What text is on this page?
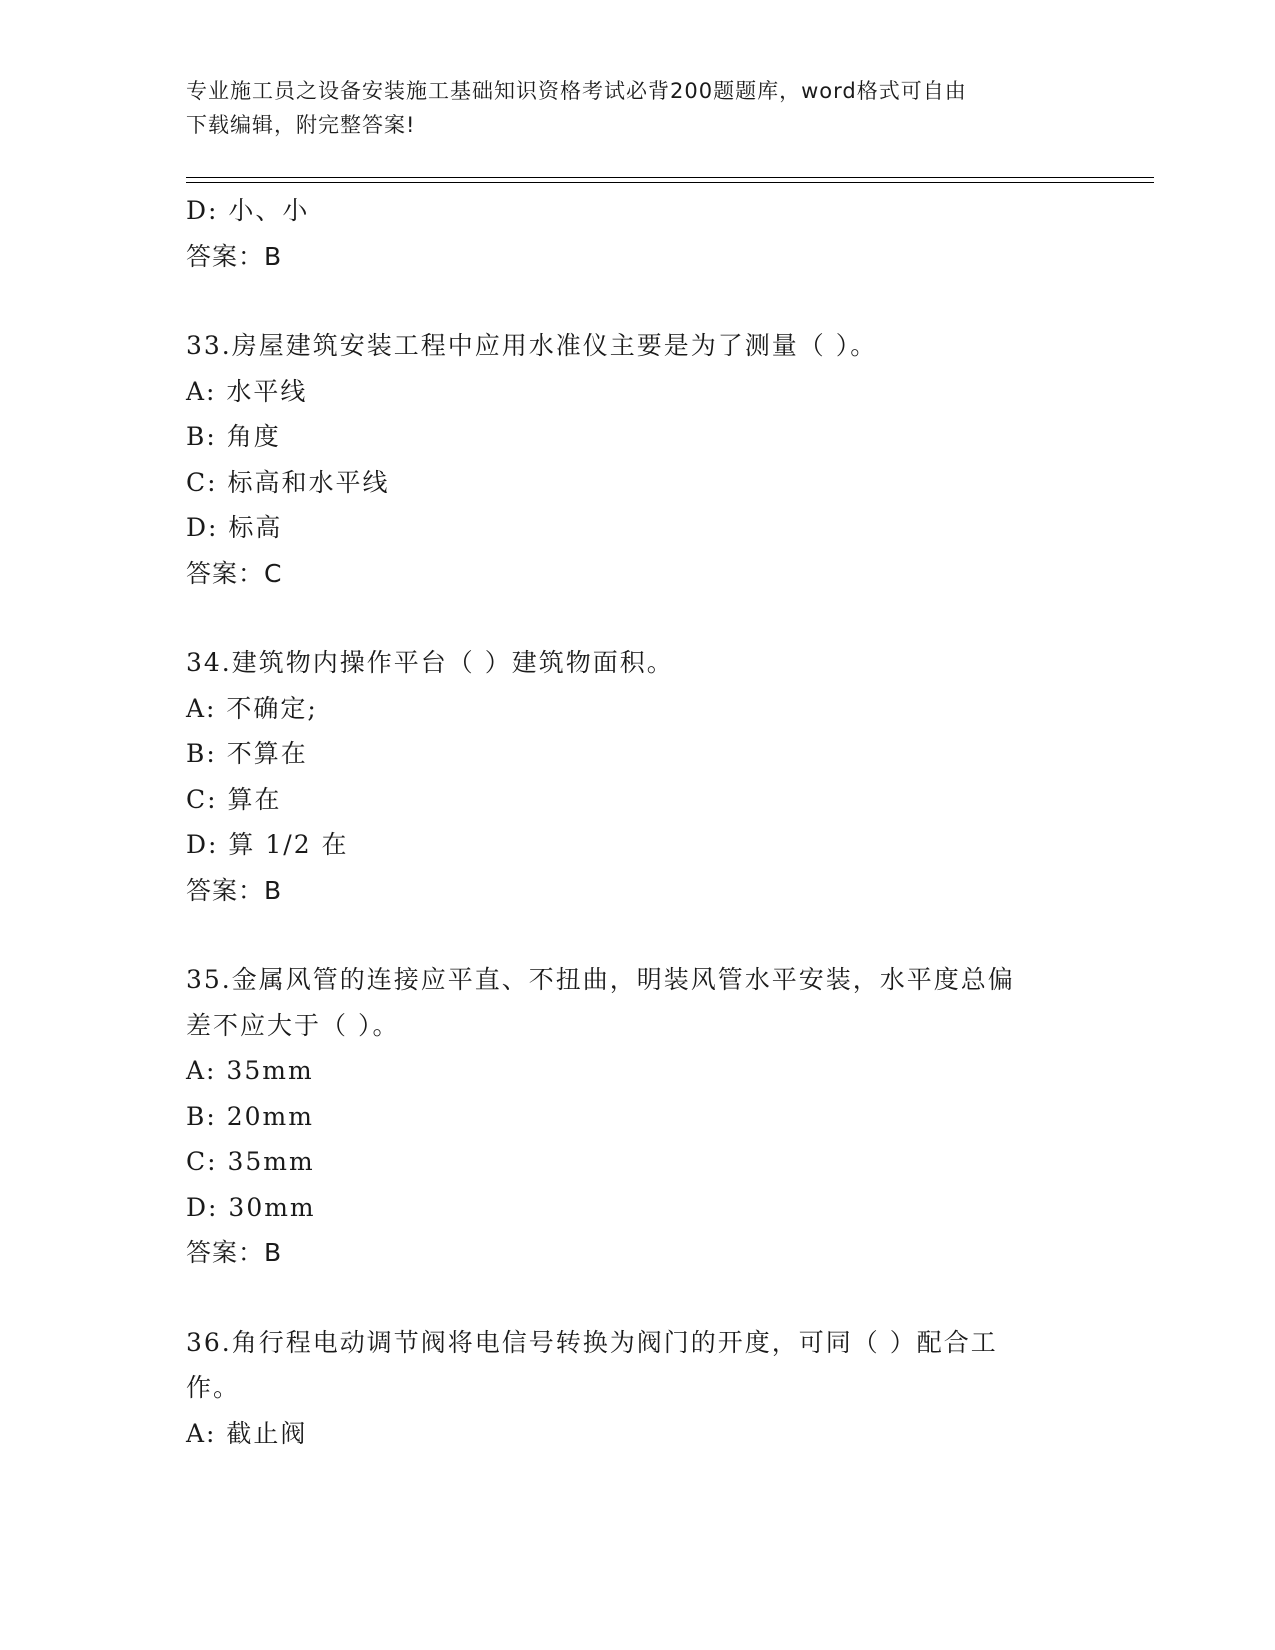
专业施工员之设备安装施工基础知识资格考试必背200题题库，word格式可自由
下载编辑，附完整答案!
D: 小、小
答案：B
33.房屋建筑安装工程中应用水准仪主要是为了测量（ ）。
A: 水平线
B: 角度
C: 标高和水平线
D: 标高
答案：C
34.建筑物内操作平台（ ）建筑物面积。
A: 不确定;
B: 不算在
C: 算在
D: 算 1/2 在
答案：B
35.金属风管的连接应平直、不扭曲，明装风管水平安装，水平度总偏
差不应大于（ ）。
A: 35mm
B: 20mm
C: 35mm
D: 30mm
答案：B
36.角行程电动调节阀将电信号转换为阀门的开度，可同（ ）配合工
作。
A: 截止阀
